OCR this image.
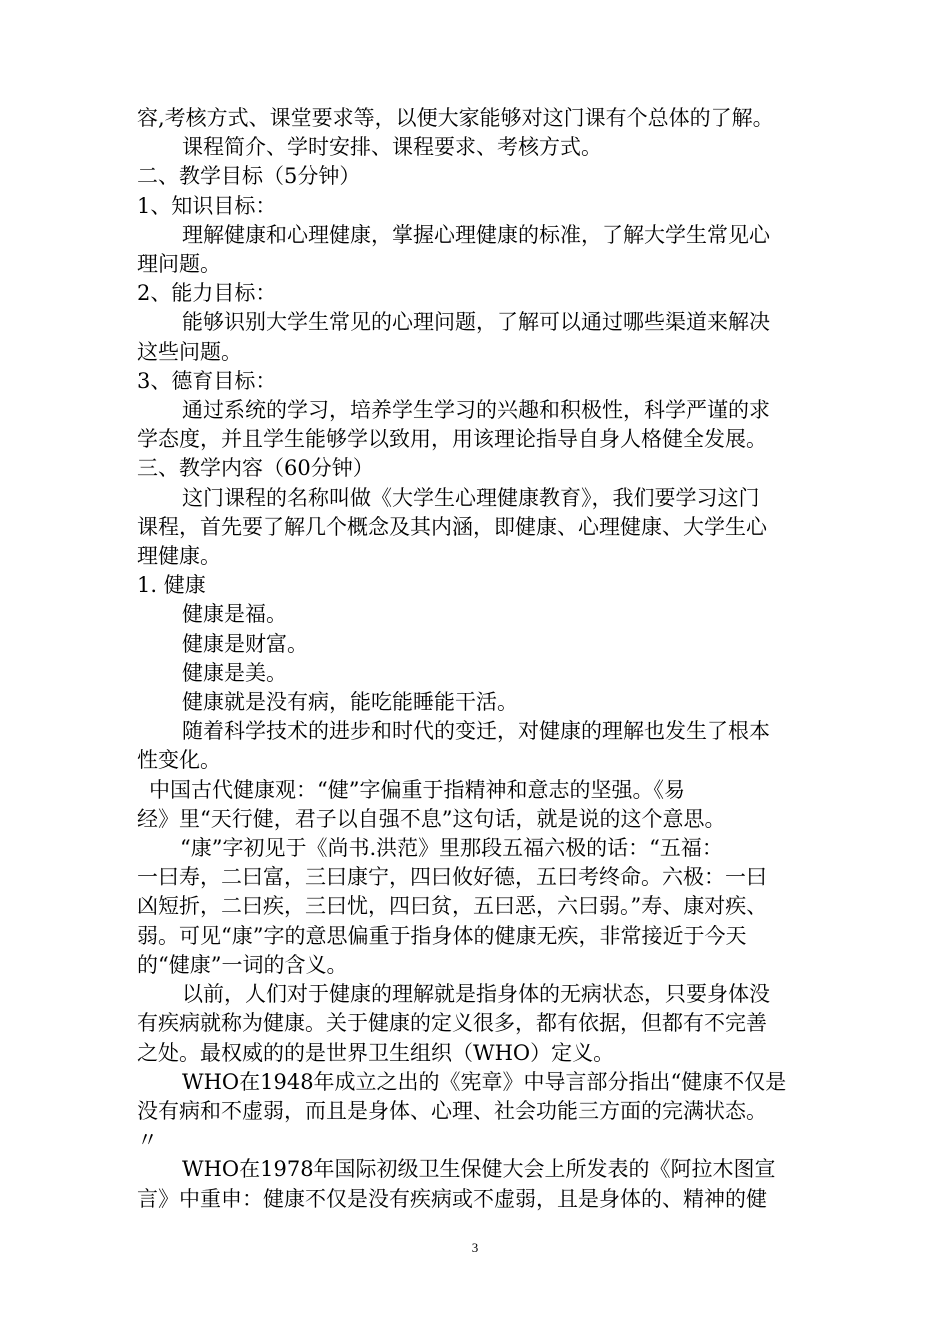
容,考核方式、课堂要求等，以便大家能够对这门课有个总体的了解。
课程简介、学时安排、课程要求、考核方式。
二、教学目标（5分钟）
1、知识目标：
理解健康和心理健康，掌握心理健康的标准，了解大学生常见心
理问题。
2、能力目标：
能够识别大学生常见的心理问题，了解可以通过哪些渠道来解决
这些问题。
3、德育目标：
通过系统的学习，培养学生学习的兴趣和积极性，科学严谨的求
学态度，并且学生能够学以致用，用该理论指导自身人格健全发展。
三、教学内容（60分钟）
这门课程的名称叫做《大学生心理健康教育》，我们要学习这门
课程，首先要了解几个概念及其内涵，即健康、心理健康、大学生心
理健康。
1. 健康
健康是福。
健康是财富。
健康是美。
健康就是没有病，能吃能睡能干活。
随着科学技术的进步和时代的变迁，对健康的理解也发生了根本
性变化。
中国古代健康观：“健”字偏重于指精神和意志的坚强。《易
经》里“天行健，君子以自强不息”这句话，就是说的这个意思。
“康”字初见于《尚书.洪范》里那段五福六极的话：“五福：
一曰寿，二曰富，三曰康宁，四曰攸好德，五曰考终命。六极：一曰
凶短折，二曰疾，三曰忧，四曰贫，五曰恶，六曰弱。”寿、康对疾、
弱。可见“康”字的意思偏重于指身体的健康无疾，非常接近于今天
的“健康”一词的含义。
以前，人们对于健康的理解就是指身体的无病状态，只要身体没
有疾病就称为健康。关于健康的定义很多，都有依据，但都有不完善
之处。最权威的的是世界卫生组织（WHO）定义。
WHO在1948年成立之出的《宪章》中导言部分指出“健康不仅是
没有病和不虚弱，而且是身体、心理、社会功能三方面的完满状态。
〃
WHO在1978年国际初级卫生保健大会上所发表的《阿拉木图宣
言》中重申：健康不仅是没有疾病或不虚弱，且是身体的、精神的健
3
